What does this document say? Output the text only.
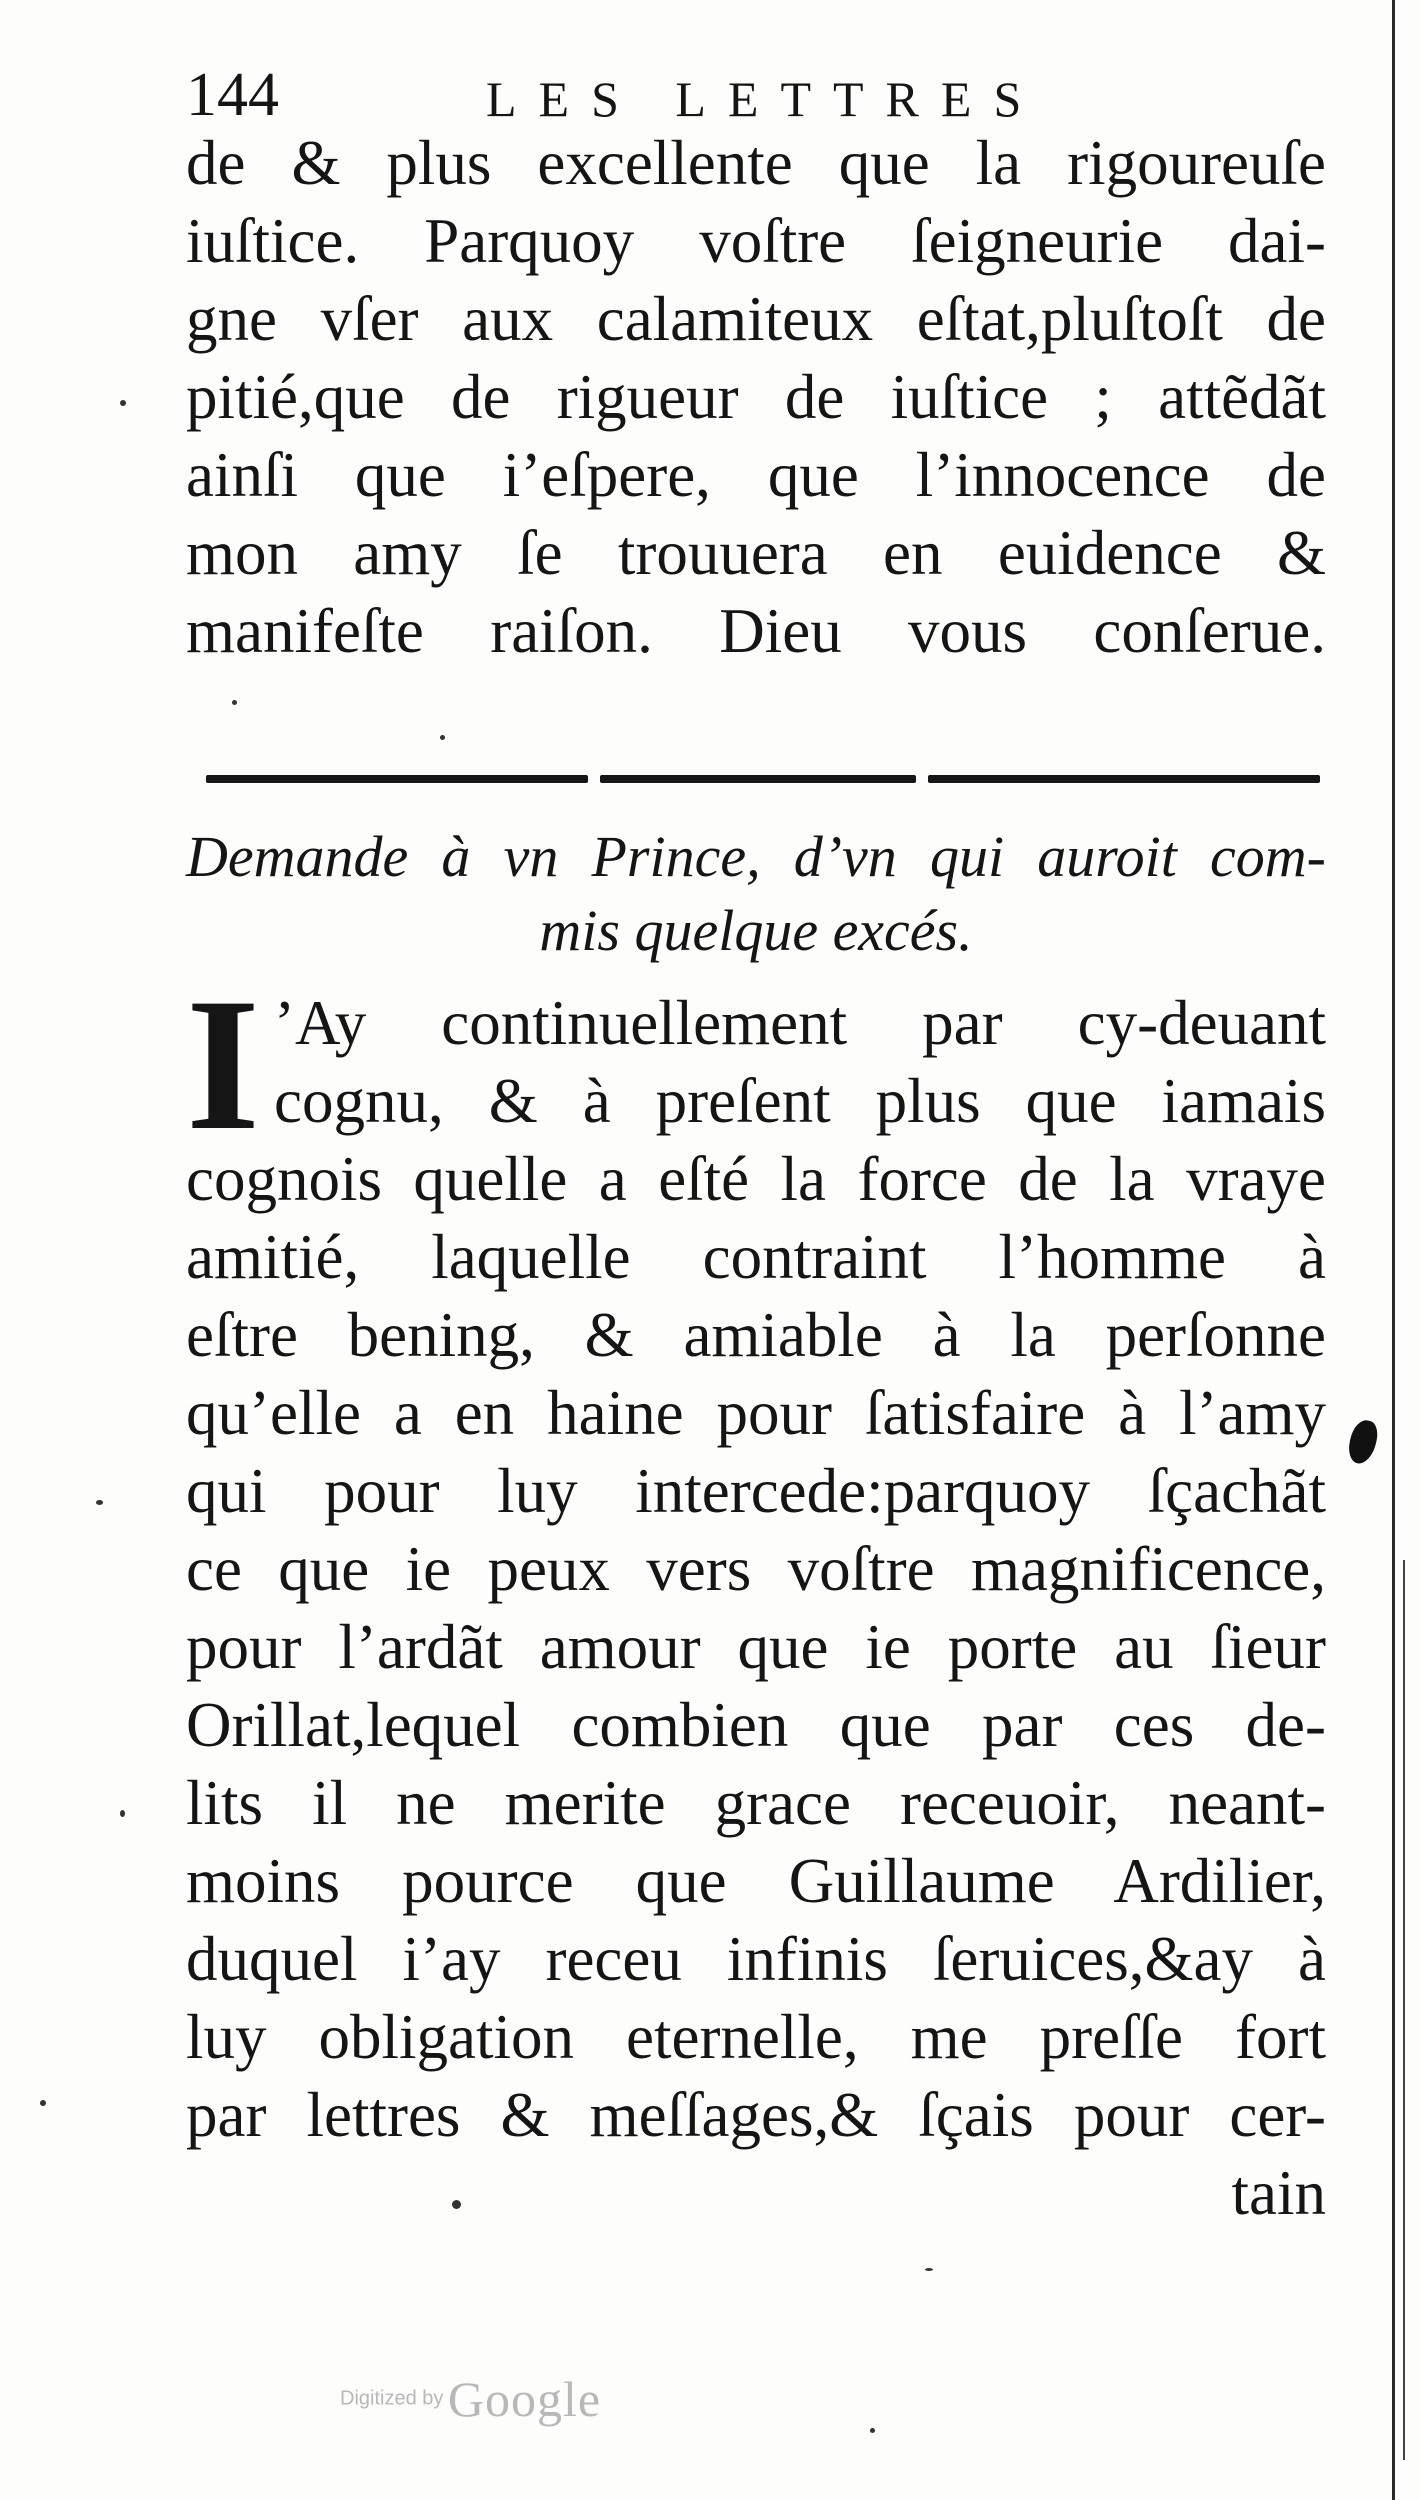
144	LES LETTRES
de & plus excellente que la rigoureuſe
iuſtice. Parquoy voſtre ſeigneurie dai-
gne vſer aux calamiteux eſtat,pluſtoſt de
pitié,que de rigueur de iuſtice ; attẽdãt
ainſi que i’eſpere, que l’innocence de
mon amy ſe trouuera en euidence &
manifeſte raiſon. Dieu vous conſerue.
Demande à vn Prince, d’vn qui auroit com-
mis quelque excés.
I ’Ay continuellement par cy-deuant
cognu, & à preſent plus que iamais
cognois quelle a eſté la force de la vraye
amitié, laquelle contraint l’homme à
eſtre bening, & amiable à la perſonne
qu’elle a en haine pour ſatisfaire à l’amy
qui pour luy intercede:parquoy ſçachãt
ce que ie peux vers voſtre magnificence,
pour l’ardãt amour que ie porte au ſieur
Orillat,lequel combien que par ces de-
lits il ne merite grace receuoir, neant-
moins pource que Guillaume Ardilier,
duquel i’ay receu infinis ſeruices,&ay à
luy obligation eternelle, me preſſe fort
par lettres & meſſages,& ſçais pour cer-
tain
Digitized by Google
